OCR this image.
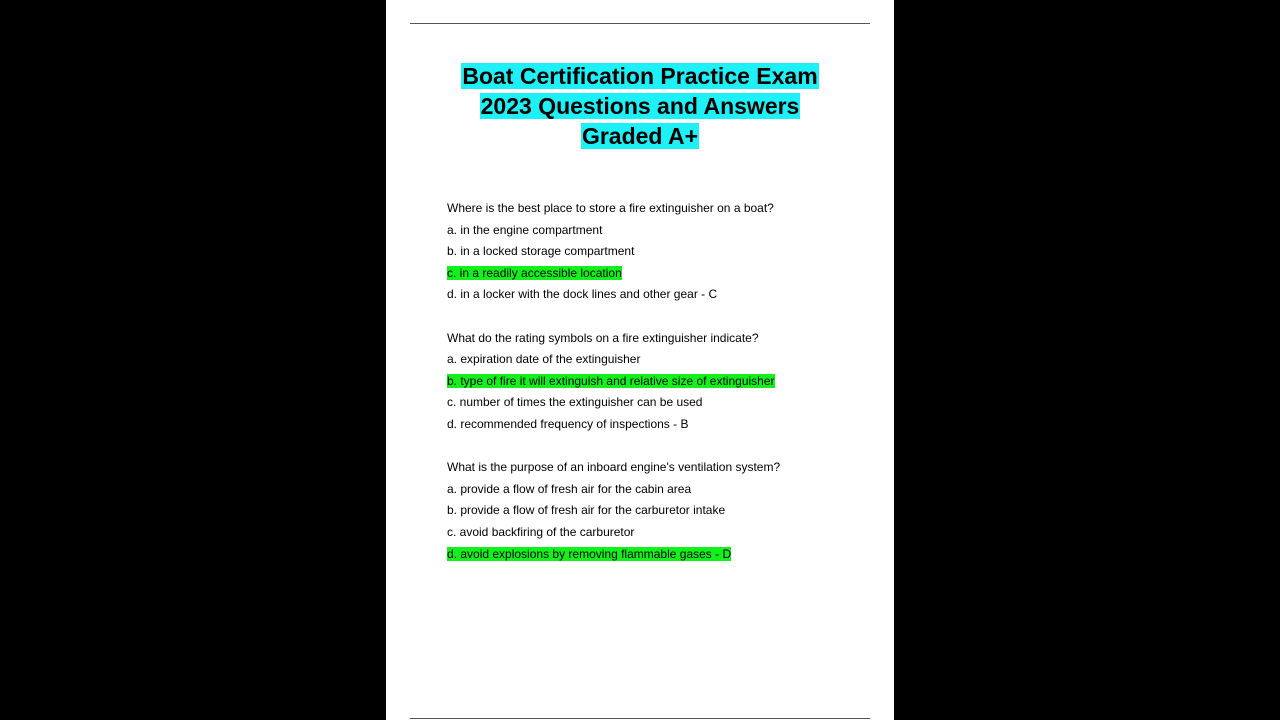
Boat Certification Practice Exam
2023 Questions and Answers
Graded A+
Where is the best place to store a fire extinguisher on a boat?
a. in the engine compartment
b. in a locked storage compartment
c. in a readily accessible location
d. in a locker with the dock lines and other gear - C
What do the rating symbols on a fire extinguisher indicate?
a. expiration date of the extinguisher
b. type of fire it will extinguish and relative size of extinguisher
c. number of times the extinguisher can be used
d. recommended frequency of inspections - B
What is the purpose of an inboard engine's ventilation system?
a. provide a flow of fresh air for the cabin area
b. provide a flow of fresh air for the carburetor intake
c. avoid backfiring of the carburetor
d. avoid explosions by removing flammable gases - D
